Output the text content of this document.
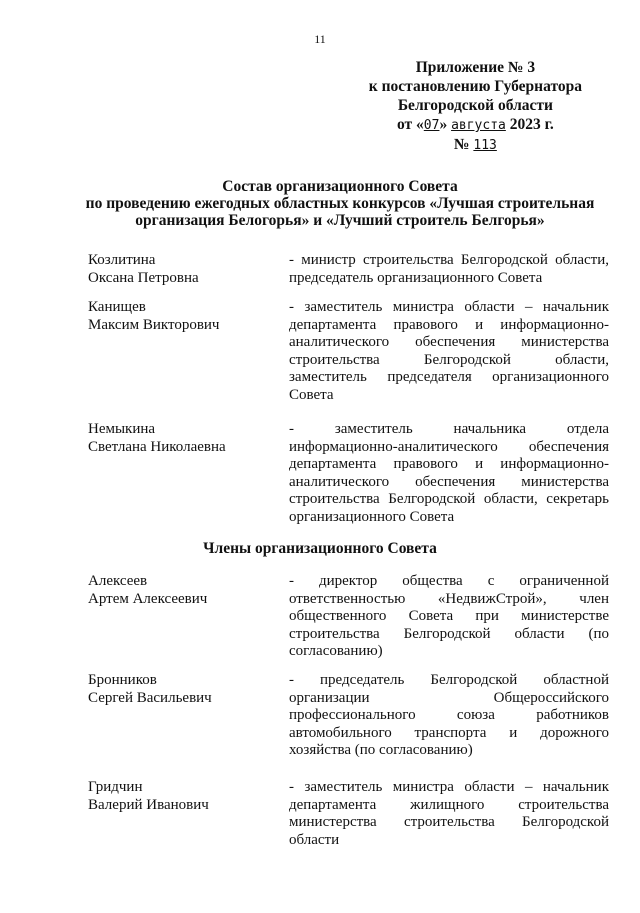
11
Приложение № 3
к постановлению Губернатора
Белгородской области
от «07» августа 2023 г.
№ 113
Состав организационного Совета
по проведению ежегодных областных конкурсов «Лучшая строительная
организация Белогорья» и «Лучший строитель Белгорья»
Козлитина
Оксана Петровна
- министр строительства Белгородской области, председатель организационного Совета
Канищев
Максим Викторович
- заместитель министра области – начальник департамента правового и информационно-аналитического обеспечения министерства строительства Белгородской области, заместитель председателя организационного Совета
Немыкина
Светлана Николаевна
- заместитель начальника отдела информационно-аналитического обеспечения департамента правового и информационно-аналитического обеспечения министерства строительства Белгородской области, секретарь организационного Совета
Члены организационного Совета
Алексеев
Артем Алексеевич
- директор общества с ограниченной ответственностью «НедвижСтрой», член общественного Совета при министерстве строительства Белгородской области (по согласованию)
Бронников
Сергей Васильевич
- председатель Белгородской областной организации Общероссийского профессионального союза работников автомобильного транспорта и дорожного хозяйства (по согласованию)
Гридчин
Валерий Иванович
- заместитель министра области – начальник департамента жилищного строительства министерства строительства Белгородской области
